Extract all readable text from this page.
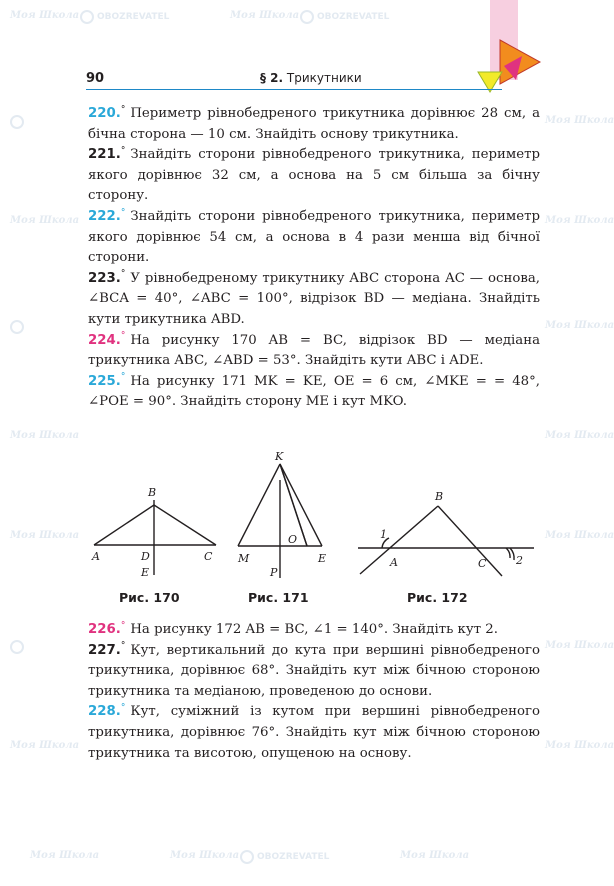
Моя Школа OBOZREVATEL	Моя Школа OBOZREVATEL
Моя Школа
Моя Школа	Моя Школа
Моя Школа
Моя Школа	Моя Школа
Моя Школа	Моя Школа
Моя Школа
Моя Школа	Моя Школа
Моя Школа	Моя Школа OBOZREVATEL	Моя Школа
90	§ 2. Трикутники

220.° Периметр рівнобедреного трикутника дорівнює 28 см, а бічна сторона — 10 см. Знайдіть основу трикутника.

221.° Знайдіть сторони рівнобедреного трикутника, периметр якого дорівнює 32 см, а основа на 5 см більша за бічну сторону.

222.° Знайдіть сторони рівнобедреного трикутника, периметр якого дорівнює 54 см, а основа в 4 рази менша від бічної сторони.

223.° У рівнобедреному трикутнику ABC сторона AC — основа, ∠BCA = 40°, ∠ABC = 100°, відрізок BD — медіана. Знайдіть кути трикутника ABD.

224.° На рисунку 170 AB = BC, відрізок BD — медіана трикутника ABC, ∠ABD = 53°. Знайдіть кути ABC і ADE.

225.° На рисунку 171 MK = KE, OE = 6 см, ∠MKE = = 48°, ∠POE = 90°. Знайдіть сторону ME і кут MKO.

B
A	D	C
E
K
O
M	E
P
B
1
A	C	2
Рис. 170	Рис. 171	Рис. 172

226.° На рисунку 172 AB = BC, ∠1 = 140°. Знайдіть кут 2.

227.° Кут, вертикальний до кута при вершині рівнобедреного трикутника, дорівнює 68°. Знайдіть кут між бічною стороною трикутника та медіаною, проведеною до основи.

228.° Кут, суміжний із кутом при вершині рівнобедреного трикутника, дорівнює 76°. Знайдіть кут між бічною стороною трикутника та висотою, опущеною на основу.
